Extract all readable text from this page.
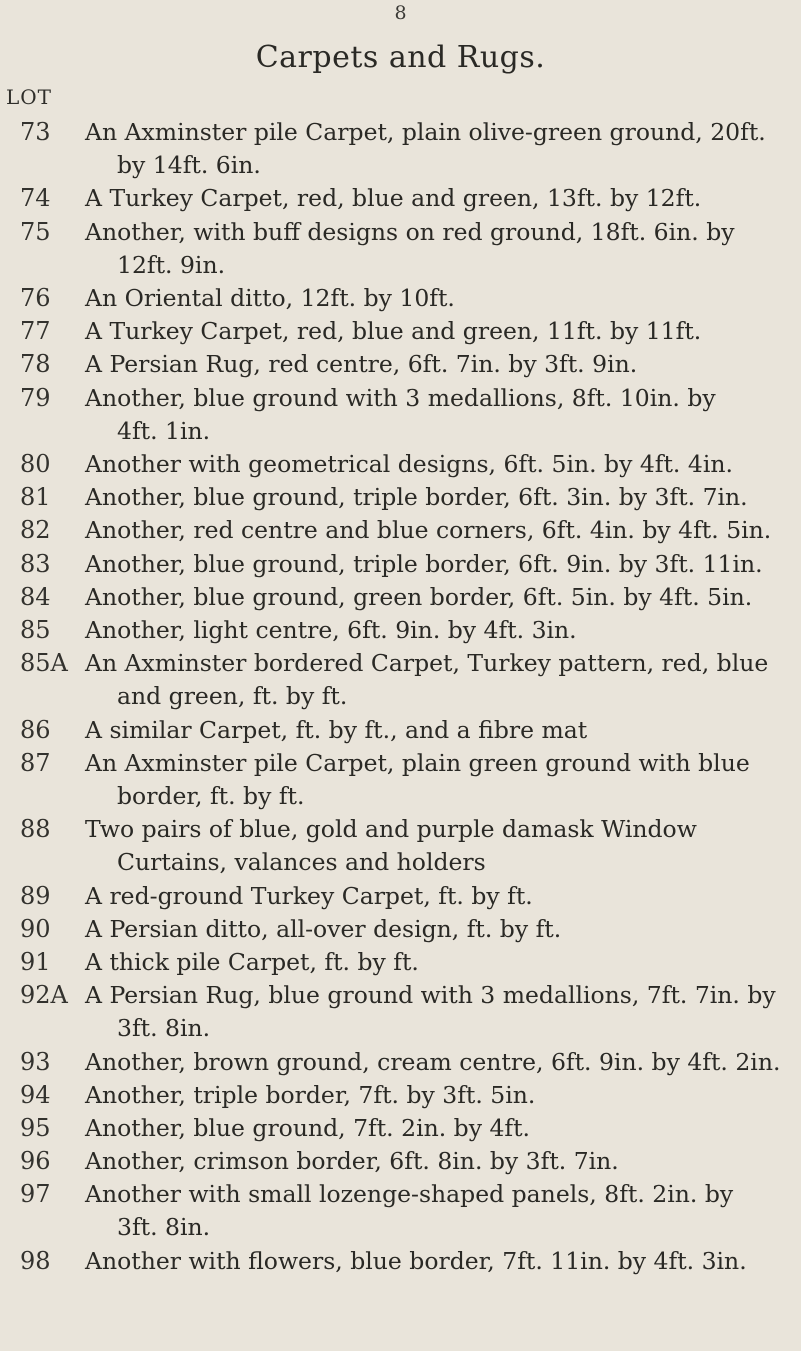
8
Carpets and Rugs.
LOT
73	An Axminster pile Carpet, plain olive-green ground, 20ft.
by 14ft. 6in.
74	A Turkey Carpet, red, blue and green, 13ft. by 12ft.
75	Another, with buff designs on red ground, 18ft. 6in. by
12ft. 9in.
76	An Oriental ditto, 12ft. by 10ft.
77	A Turkey Carpet, red, blue and green, 11ft. by 11ft.
78	A Persian Rug, red centre, 6ft. 7in. by 3ft. 9in.
79	Another, blue ground with 3 medallions, 8ft. 10in. by
4ft. 1in.
80	Another with geometrical designs, 6ft. 5in. by 4ft. 4in.
81	Another, blue ground, triple border, 6ft. 3in. by 3ft. 7in.
82	Another, red centre and blue corners, 6ft. 4in. by 4ft. 5in.
83	Another, blue ground, triple border, 6ft. 9in. by 3ft. 11in.
84	Another, blue ground, green border, 6ft. 5in. by 4ft. 5in.
85	Another, light centre, 6ft. 9in. by 4ft. 3in.
85A An Axminster bordered Carpet, Turkey pattern, red, blue
and green, ft. by ft.
86	A similar Carpet, ft. by ft., and a fibre mat
87	An Axminster pile Carpet, plain green ground with blue
border, ft. by ft.
88	Two pairs of blue, gold and purple damask Window
Curtains, valances and holders
89	A red-ground Turkey Carpet, ft. by ft.
90	A Persian ditto, all-over design, ft. by ft.
91	A thick pile Carpet, ft. by ft.
92A A Persian Rug, blue ground with 3 medallions, 7ft. 7in. by
3ft. 8in.
93	Another, brown ground, cream centre, 6ft. 9in. by 4ft. 2in.
94	Another, triple border, 7ft. by 3ft. 5in.
95	Another, blue ground, 7ft. 2in. by 4ft.
96	Another, crimson border, 6ft. 8in. by 3ft. 7in.
97	Another with small lozenge-shaped panels, 8ft. 2in. by
3ft. 8in.
98	Another with flowers, blue border, 7ft. 11in. by 4ft. 3in.
